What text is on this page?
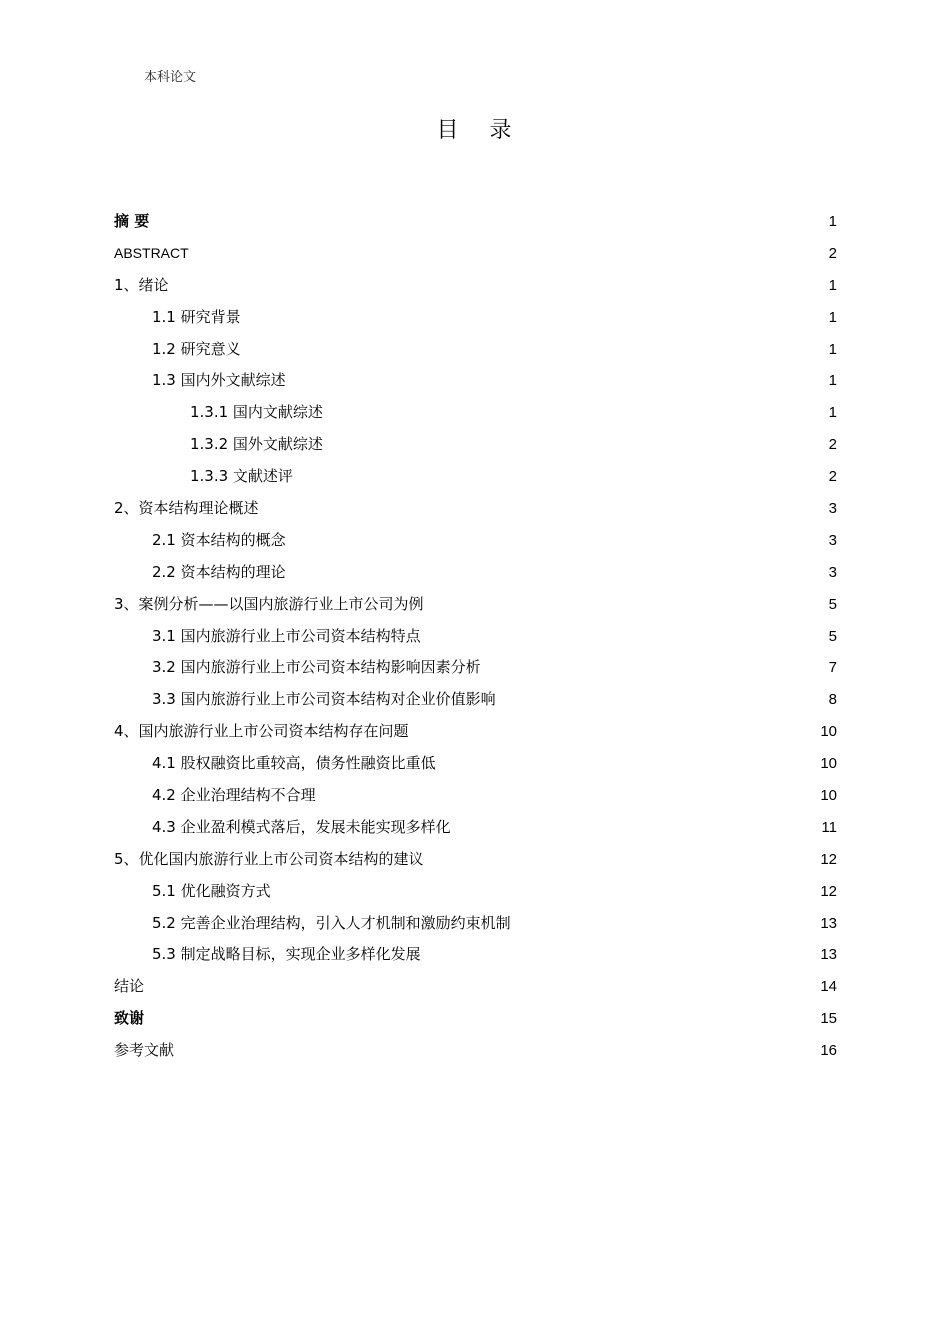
本科论文
目 录
摘 要	1
ABSTRACT	2
1、绪论	1
1.1 研究背景	1
1.2 研究意义	1
1.3 国内外文献综述	1
1.3.1 国内文献综述	1
1.3.2 国外文献综述	2
1.3.3 文献述评	2
2、资本结构理论概述	3
2.1 资本结构的概念	3
2.2 资本结构的理论	3
3、案例分析——以国内旅游行业上市公司为例	5
3.1 国内旅游行业上市公司资本结构特点	5
3.2 国内旅游行业上市公司资本结构影响因素分析	7
3.3 国内旅游行业上市公司资本结构对企业价值影响	8
4、国内旅游行业上市公司资本结构存在问题	10
4.1 股权融资比重较高，债务性融资比重低	10
4.2 企业治理结构不合理	10
4.3 企业盈利模式落后，发展未能实现多样化	11
5、优化国内旅游行业上市公司资本结构的建议	12
5.1 优化融资方式	12
5.2 完善企业治理结构，引入人才机制和激励约束机制	13
5.3 制定战略目标，实现企业多样化发展	13
结论	14
致谢	15
参考文献	16
